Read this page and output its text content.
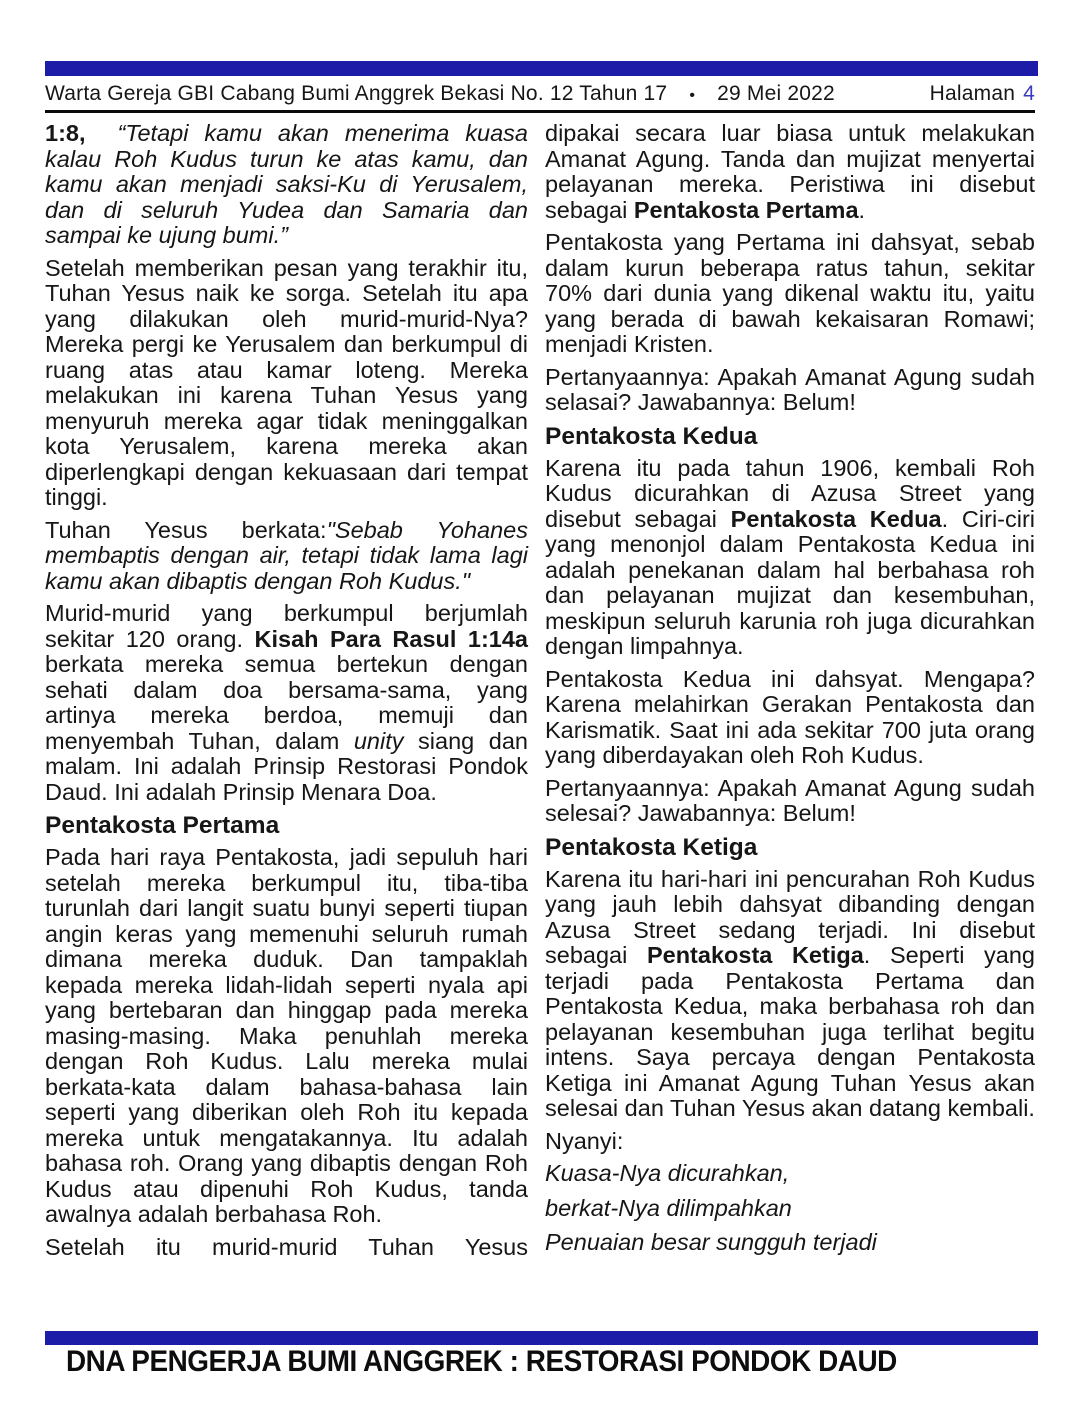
Warta Gereja GBI Cabang Bumi Anggrek Bekasi No. 12 Tahun 17 • 29 Mei 2022	Halaman 4

1:8, “Tetapi kamu akan menerima kuasa kalau Roh Kudus turun ke atas kamu, dan kamu akan menjadi saksi-Ku di Yerusalem, dan di seluruh Yudea dan Samaria dan sampai ke ujung bumi.”

Setelah memberikan pesan yang terakhir itu, Tuhan Yesus naik ke sorga. Setelah itu apa yang dilakukan oleh murid-murid-Nya? Mereka pergi ke Yerusalem dan berkumpul di ruang atas atau kamar loteng. Mereka melakukan ini karena Tuhan Yesus yang menyuruh mereka agar tidak meninggalkan kota Yerusalem, karena mereka akan diperlengkapi dengan kekuasaan dari tempat tinggi.

Tuhan Yesus berkata:"Sebab Yohanes membaptis dengan air, tetapi tidak lama lagi kamu akan dibaptis dengan Roh Kudus."

Murid-murid yang berkumpul berjumlah sekitar 120 orang. Kisah Para Rasul 1:14a berkata mereka semua bertekun dengan sehati dalam doa bersama-sama, yang artinya mereka berdoa, memuji dan menyembah Tuhan, dalam unity siang dan malam. Ini adalah Prinsip Restorasi Pondok Daud. Ini adalah Prinsip Menara Doa.

Pentakosta Pertama

Pada hari raya Pentakosta, jadi sepuluh hari setelah mereka berkumpul itu, tiba-tiba turunlah dari langit suatu bunyi seperti tiupan angin keras yang memenuhi seluruh rumah dimana mereka duduk. Dan tampaklah kepada mereka lidah-lidah seperti nyala api yang bertebaran dan hinggap pada mereka masing-masing. Maka penuhlah mereka dengan Roh Kudus. Lalu mereka mulai berkata-kata dalam bahasa-bahasa lain seperti yang diberikan oleh Roh itu kepada mereka untuk mengatakannya. Itu adalah bahasa roh. Orang yang dibaptis dengan Roh Kudus atau dipenuhi Roh Kudus, tanda awalnya adalah berbahasa Roh.

Setelah itu murid-murid Tuhan Yesus

dipakai secara luar biasa untuk melakukan Amanat Agung. Tanda dan mujizat menyertai pelayanan mereka. Peristiwa ini disebut sebagai Pentakosta Pertama.

Pentakosta yang Pertama ini dahsyat, sebab dalam kurun beberapa ratus tahun, sekitar 70% dari dunia yang dikenal waktu itu, yaitu yang berada di bawah kekaisaran Romawi; menjadi Kristen.

Pertanyaannya: Apakah Amanat Agung sudah selasai? Jawabannya: Belum!

Pentakosta Kedua

Karena itu pada tahun 1906, kembali Roh Kudus dicurahkan di Azusa Street yang disebut sebagai Pentakosta Kedua. Ciri-ciri yang menonjol dalam Pentakosta Kedua ini adalah penekanan dalam hal berbahasa roh dan pelayanan mujizat dan kesembuhan, meskipun seluruh karunia roh juga dicurahkan dengan limpahnya.

Pentakosta Kedua ini dahsyat. Mengapa? Karena melahirkan Gerakan Pentakosta dan Karismatik. Saat ini ada sekitar 700 juta orang yang diberdayakan oleh Roh Kudus.

Pertanyaannya: Apakah Amanat Agung sudah selesai? Jawabannya: Belum!

Pentakosta Ketiga

Karena itu hari-hari ini pencurahan Roh Kudus yang jauh lebih dahsyat dibanding dengan Azusa Street sedang terjadi. Ini disebut sebagai Pentakosta Ketiga. Seperti yang terjadi pada Pentakosta Pertama dan Pentakosta Kedua, maka berbahasa roh dan pelayanan kesembuhan juga terlihat begitu intens. Saya percaya dengan Pentakosta Ketiga ini Amanat Agung Tuhan Yesus akan selesai dan Tuhan Yesus akan datang kembali.

Nyanyi:

Kuasa-Nya dicurahkan,

berkat-Nya dilimpahkan

Penuaian besar sungguh terjadi

DNA PENGERJA BUMI ANGGREK : RESTORASI PONDOK DAUD
